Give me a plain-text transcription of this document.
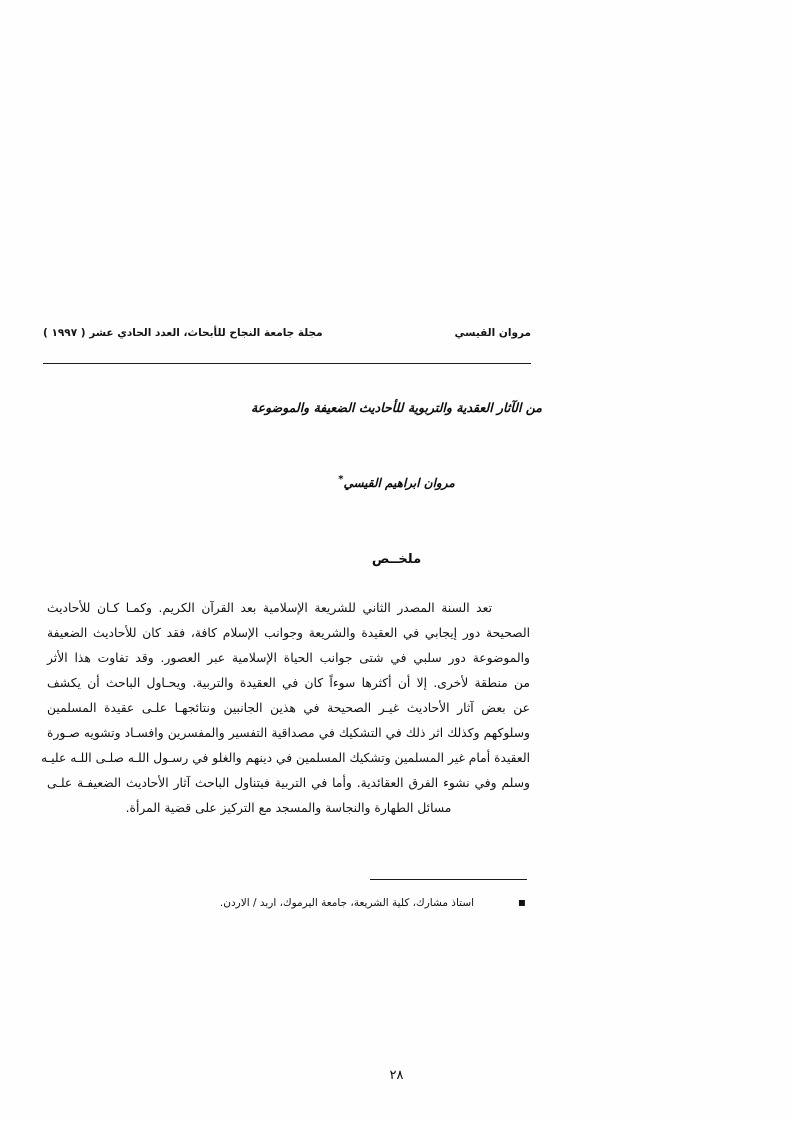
مجلة جامعة النجاح للأبحاث، العدد الحادي عشر ( ١٩٩٧ )	مروان القيسي
من الآثار العقدية والتربوية للأحاديث الضعيفة والموضوعة
مروان ابراهيم القيسي*
ملخــص
تعد السنة المصدر الثاني للشريعة الإسلامية بعد القرآن الكريم. وكمـا كـان للأحاديث
الصحيحة دور إيجابي في العقيدة والشريعة وجوانب الإسلام كافة، فقد كان للأحاديث الضعيفة
والموضوعة دور سلبي في شتى جوانب الحياة الإسلامية عبر العصور. وقد تفاوت هذا الأثر
من منطقة لأخرى. إلا أن أكثرها سوءاً كان في العقيدة والتربية. ويحـاول الباحث أن يكشف
عن بعض آثار الأحاديث غيـر الصحيحة في هذين الجانبين ونتائجهـا علـى عقيدة المسلمين
وسلوكهم وكذلك اثر ذلك في التشكيك في مصداقية التفسير والمفسرين وافسـاد وتشويه صـورة
العقيدة أمام غير المسلمين وتشكيك المسلمين في دينهم والغلو في رسـول اللـه صلـى اللـه عليـه
وسلم وفي نشوء الفرق العقائدية. وأما في التربية فيتناول الباحث آثار الأحاديث الضعيفـة علـى
مسائل الطهارة والنجاسة والمسجد مع التركيز على قضية المرأة.
▪
استاذ مشارك، كلية الشريعة، جامعة اليرموك، اربد / الاردن.
٢٨
